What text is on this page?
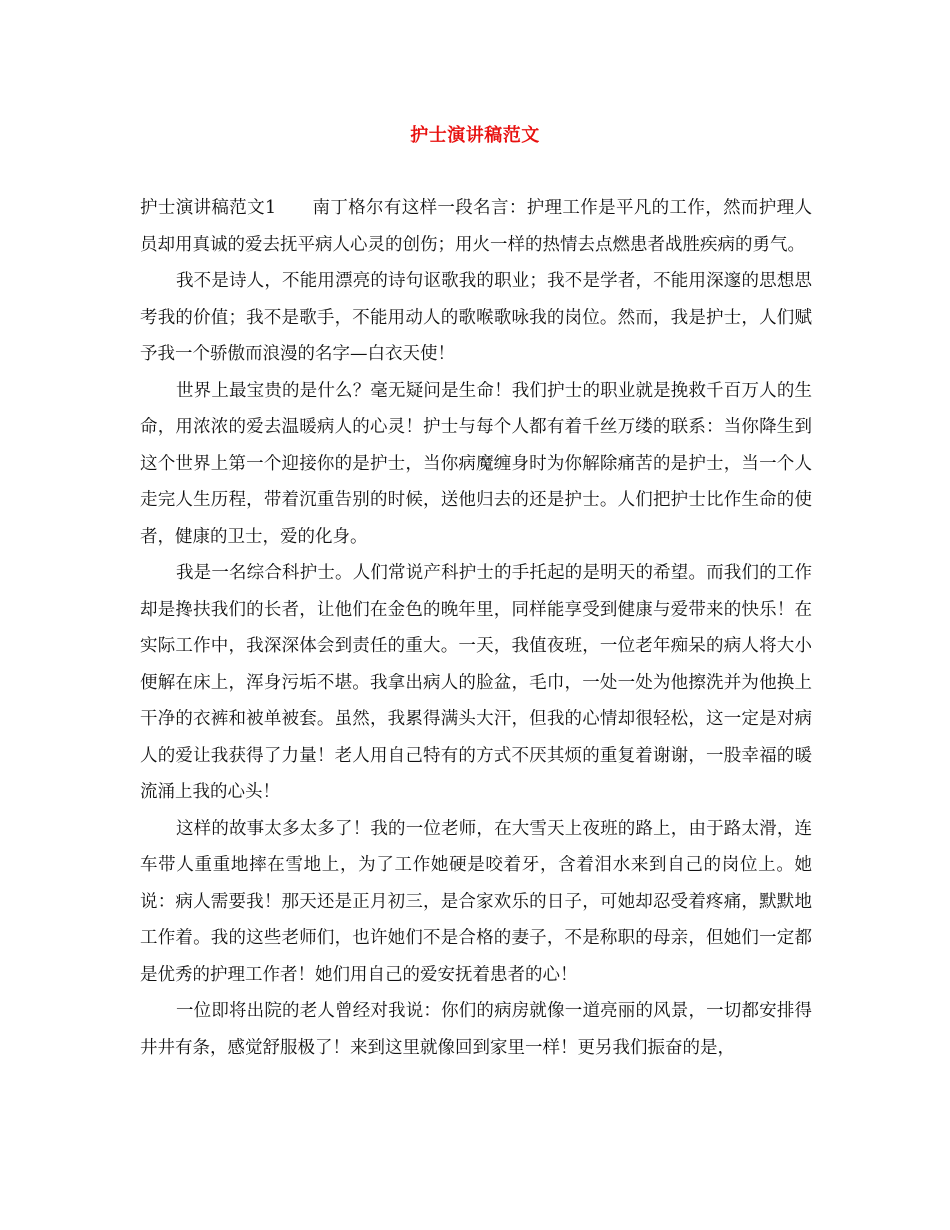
护士演讲稿范文

护士演讲稿范文1 南丁格尔有这样一段名言：护理工作是平凡的工作，然而护理人员却用真诚的爱去抚平病人心灵的创伤；用火一样的热情去点燃患者战胜疾病的勇气。

我不是诗人，不能用漂亮的诗句讴歌我的职业；我不是学者，不能用深邃的思想思考我的价值；我不是歌手，不能用动人的歌喉歌咏我的岗位。然而，我是护士，人们赋予我一个骄傲而浪漫的名字—白衣天使！

世界上最宝贵的是什么？毫无疑问是生命！我们护士的职业就是挽救千百万人的生命，用浓浓的爱去温暖病人的心灵！护士与每个人都有着千丝万缕的联系：当你降生到这个世界上第一个迎接你的是护士，当你病魔缠身时为你解除痛苦的是护士，当一个人走完人生历程，带着沉重告别的时候，送他归去的还是护士。人们把护士比作生命的使者，健康的卫士，爱的化身。

我是一名综合科护士。人们常说产科护士的手托起的是明天的希望。而我们的工作却是搀扶我们的长者，让他们在金色的晚年里，同样能享受到健康与爱带来的快乐！在实际工作中，我深深体会到责任的重大。一天，我值夜班，一位老年痴呆的病人将大小便解在床上，浑身污垢不堪。我拿出病人的脸盆，毛巾，一处一处为他擦洗并为他换上干净的衣裤和被单被套。虽然，我累得满头大汗，但我的心情却很轻松，这一定是对病人的爱让我获得了力量！老人用自己特有的方式不厌其烦的重复着谢谢，一股幸福的暖流涌上我的心头！

这样的故事太多太多了！我的一位老师，在大雪天上夜班的路上，由于路太滑，连车带人重重地摔在雪地上，为了工作她硬是咬着牙，含着泪水来到自己的岗位上。她说：病人需要我！那天还是正月初三，是合家欢乐的日子，可她却忍受着疼痛，默默地工作着。我的这些老师们，也许她们不是合格的妻子，不是称职的母亲，但她们一定都是优秀的护理工作者！她们用自己的爱安抚着患者的心！

一位即将出院的老人曾经对我说：你们的病房就像一道亮丽的风景，一切都安排得井井有条，感觉舒服极了！来到这里就像回到家里一样！更另我们振奋的是，
